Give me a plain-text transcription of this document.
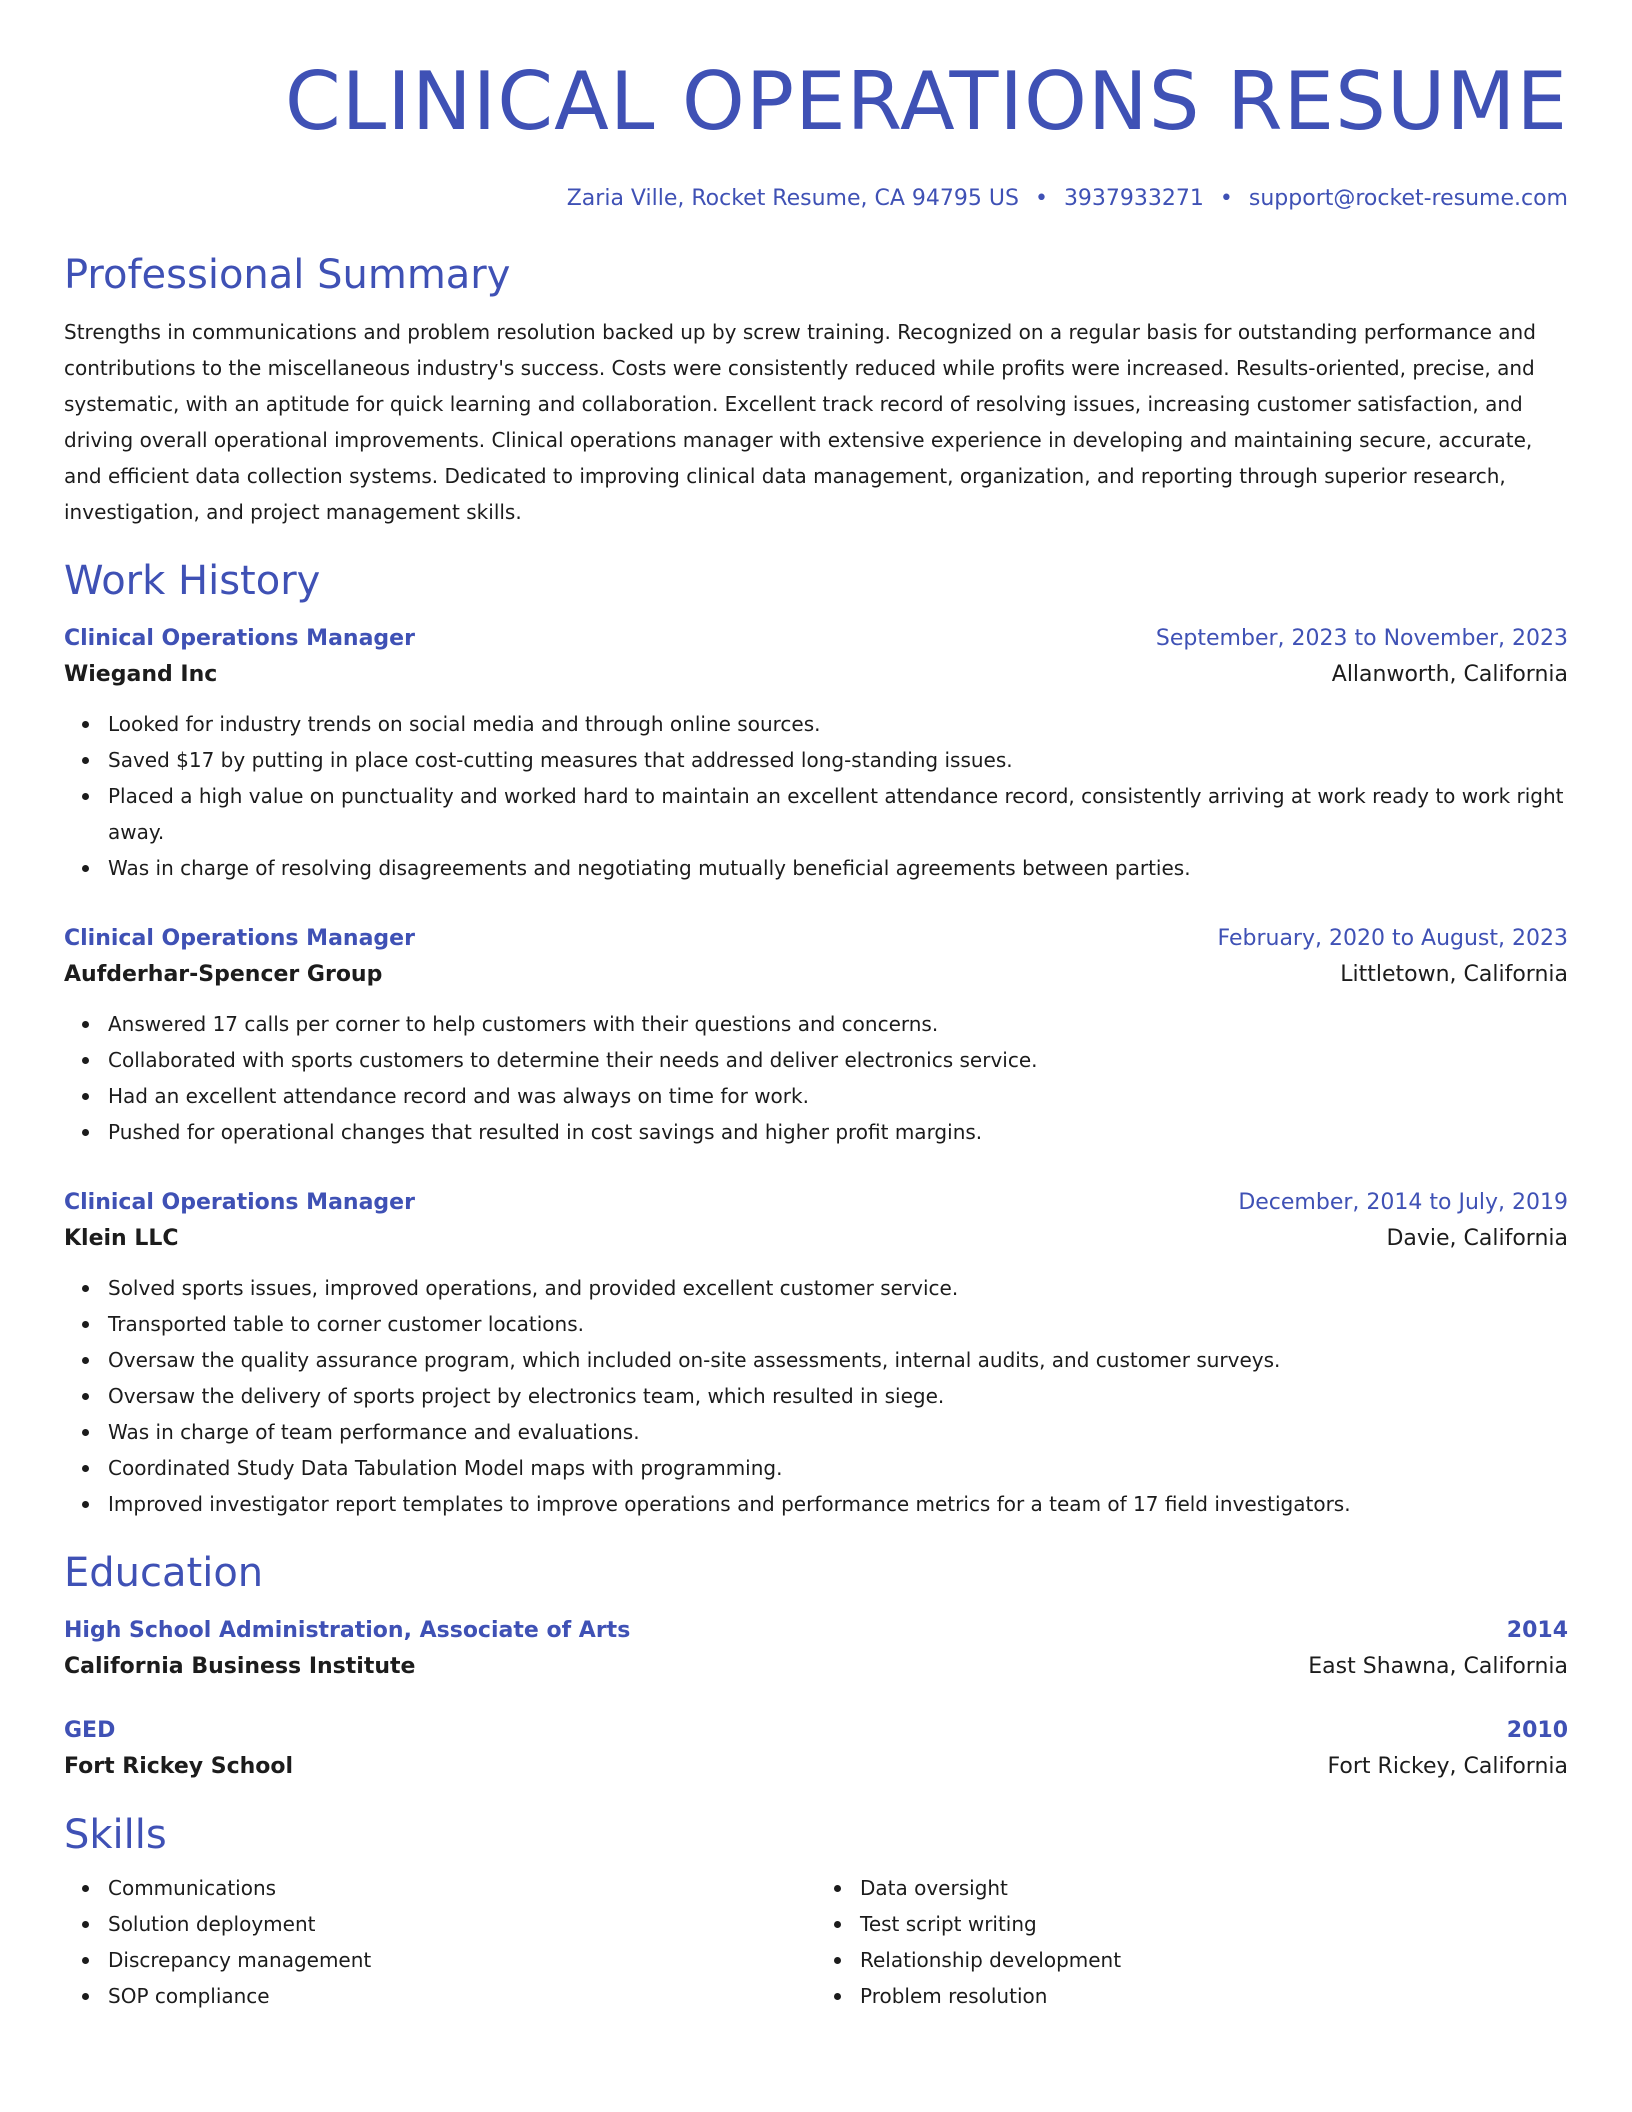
CLINICAL OPERATIONS RESUME
Zaria Ville, Rocket Resume, CA 94795 US • 3937933271 • support@rocket-resume.com
Professional Summary

Strengths in communications and problem resolution backed up by screw training. Recognized on a regular basis for outstanding performance and contributions to the miscellaneous industry's success. Costs were consistently reduced while profits were increased. Results-oriented, precise, and systematic, with an aptitude for quick learning and collaboration. Excellent track record of resolving issues, increasing customer satisfaction, and driving overall operational improvements. Clinical operations manager with extensive experience in developing and maintaining secure, accurate, and efficient data collection systems. Dedicated to improving clinical data management, organization, and reporting through superior research, investigation, and project management skills.

Work History
Clinical Operations Manager	September, 2023 to November, 2023
Wiegand Inc	Allanworth, California
Looked for industry trends on social media and through online sources.
Saved $17 by putting in place cost-cutting measures that addressed long-standing issues.
Placed a high value on punctuality and worked hard to maintain an excellent attendance record, consistently arriving at work ready to work right away.
Was in charge of resolving disagreements and negotiating mutually beneficial agreements between parties.
Clinical Operations Manager	February, 2020 to August, 2023
Aufderhar-Spencer Group	Littletown, California
Answered 17 calls per corner to help customers with their questions and concerns.
Collaborated with sports customers to determine their needs and deliver electronics service.
Had an excellent attendance record and was always on time for work.
Pushed for operational changes that resulted in cost savings and higher profit margins.
Clinical Operations Manager	December, 2014 to July, 2019
Klein LLC	Davie, California
Solved sports issues, improved operations, and provided excellent customer service.
Transported table to corner customer locations.
Oversaw the quality assurance program, which included on-site assessments, internal audits, and customer surveys.
Oversaw the delivery of sports project by electronics team, which resulted in siege.
Was in charge of team performance and evaluations.
Coordinated Study Data Tabulation Model maps with programming.
Improved investigator report templates to improve operations and performance metrics for a team of 17 field investigators.
Education
High School Administration, Associate of Arts	2014
California Business Institute	East Shawna, California
GED	2010
Fort Rickey School	Fort Rickey, California
Skills
Communications
Solution deployment
Discrepancy management
SOP compliance
Data oversight
Test script writing
Relationship development
Problem resolution
